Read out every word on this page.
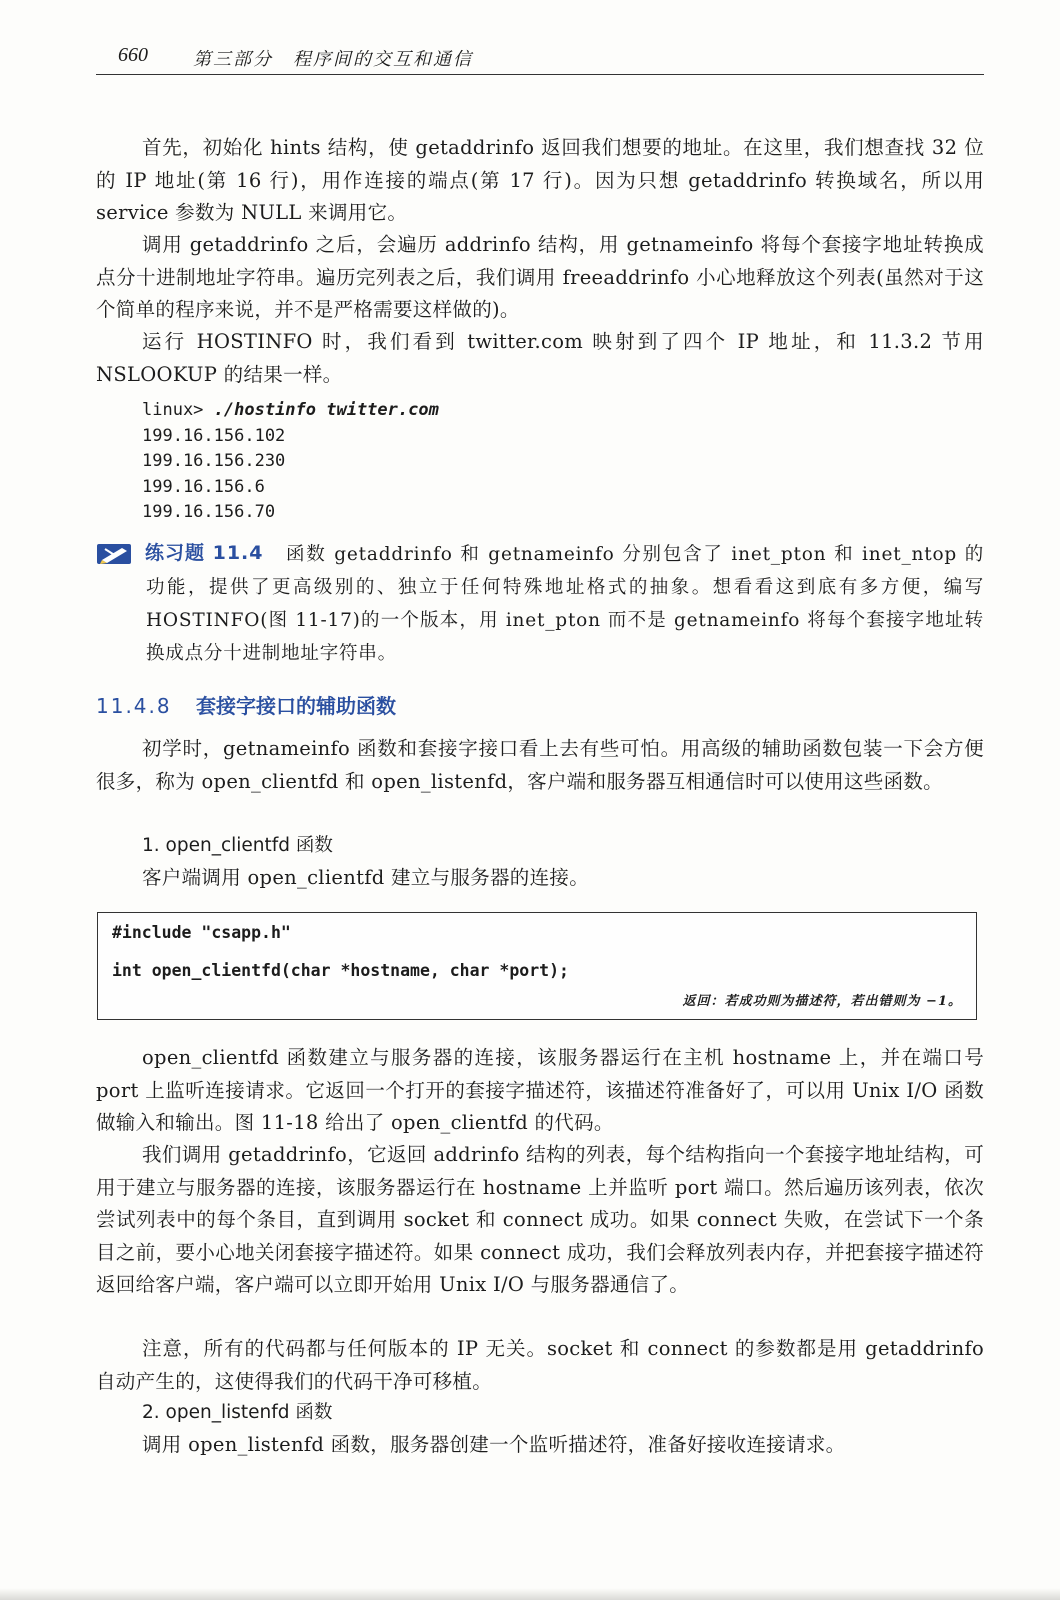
660	第三部分　程序间的交互和通信

首先，初始化 hints 结构，使 getaddrinfo 返回我们想要的地址。在这里，我们想查找 32 位的 IP 地址(第 16 行)，用作连接的端点(第 17 行)。因为只想 getaddrinfo 转换域名，所以用 service 参数为 NULL 来调用它。

调用 getaddrinfo 之后，会遍历 addrinfo 结构，用 getnameinfo 将每个套接字地址转换成点分十进制地址字符串。遍历完列表之后，我们调用 freeaddrinfo 小心地释放这个列表(虽然对于这个简单的程序来说，并不是严格需要这样做的)。

运行 HOSTINFO 时，我们看到 twitter.com 映射到了四个 IP 地址，和 11.3.2 节用 NSLOOKUP 的结果一样。

linux> ./hostinfo twitter.com
199.16.156.102
199.16.156.230
199.16.156.6
199.16.156.70
练习题 11.4	函数 getaddrinfo 和 getnameinfo 分别包含了 inet_pton 和 inet_ntop 的功能，提供了更高级别的、独立于任何特殊地址格式的抽象。想看看这到底有多方便，编写 HOSTINFO(图 11-17)的一个版本，用 inet_pton 而不是 getnameinfo 将每个套接字地址转换成点分十进制地址字符串。

11.4.8 套接字接口的辅助函数

初学时，getnameinfo 函数和套接字接口看上去有些可怕。用高级的辅助函数包装一下会方便很多，称为 open_clientfd 和 open_listenfd，客户端和服务器互相通信时可以使用这些函数。

1. open_clientfd 函数

客户端调用 open_clientfd 建立与服务器的连接。

#include "csapp.h"
int open_clientfd(char *hostname, char *port);
返回：若成功则为描述符，若出错则为 −1。

open_clientfd 函数建立与服务器的连接，该服务器运行在主机 hostname 上，并在端口号 port 上监听连接请求。它返回一个打开的套接字描述符，该描述符准备好了，可以用 Unix I/O 函数做输入和输出。图 11-18 给出了 open_clientfd 的代码。

我们调用 getaddrinfo，它返回 addrinfo 结构的列表，每个结构指向一个套接字地址结构，可用于建立与服务器的连接，该服务器运行在 hostname 上并监听 port 端口。然后遍历该列表，依次尝试列表中的每个条目，直到调用 socket 和 connect 成功。如果 connect 失败，在尝试下一个条目之前，要小心地关闭套接字描述符。如果 connect 成功，我们会释放列表内存，并把套接字描述符返回给客户端，客户端可以立即开始用 Unix I/O 与服务器通信了。

注意，所有的代码都与任何版本的 IP 无关。socket 和 connect 的参数都是用 getaddrinfo 自动产生的，这使得我们的代码干净可移植。

2. open_listenfd 函数

调用 open_listenfd 函数，服务器创建一个监听描述符，准备好接收连接请求。
